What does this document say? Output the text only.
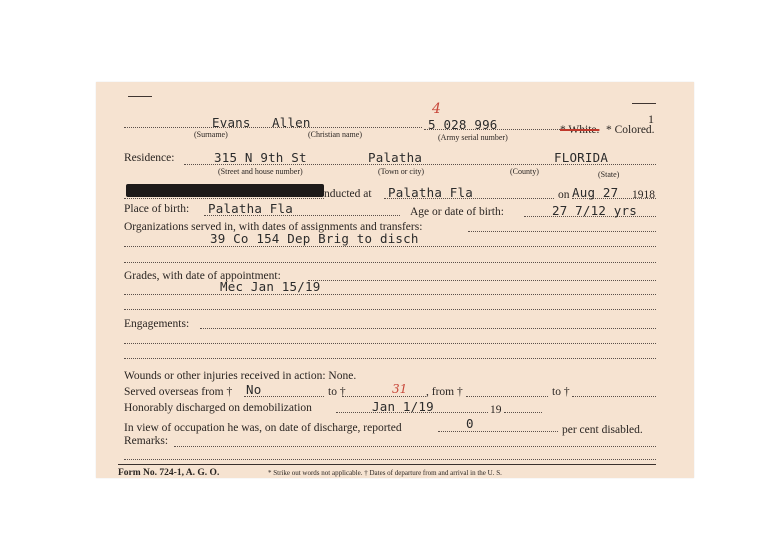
1
Evans Allen
(Surname)	(Christian name)
4
5 028 996
(Army serial number)
* White. * Colored.
Residence:	315 N 9th St	Palatha	FLORIDA
(Street and house number)	(Town or city)	(County)	(State)
nducted at Palatha Fla	on Aug 27 1918
Place of birth: Palatha Fla	Age or date of birth:	27 7/12 yrs
Organizations served in, with dates of assignments and transfers:
39 Co 154 Dep Brig to disch
Grades, with date of appointment:
Mec Jan 15/19
Engagements:
Wounds or other injuries received in action: None.
Served overseas from † No	to †	, from †	to †
Honorably discharged on demobilization
31
Jan 1/19	19
In view of occupation he was, on date of discharge, reported	0	per cent disabled.
Remarks:
Form No. 724-1, A. G. O.	* Strike out words not applicable. † Dates of departure from and arrival in the U. S.
